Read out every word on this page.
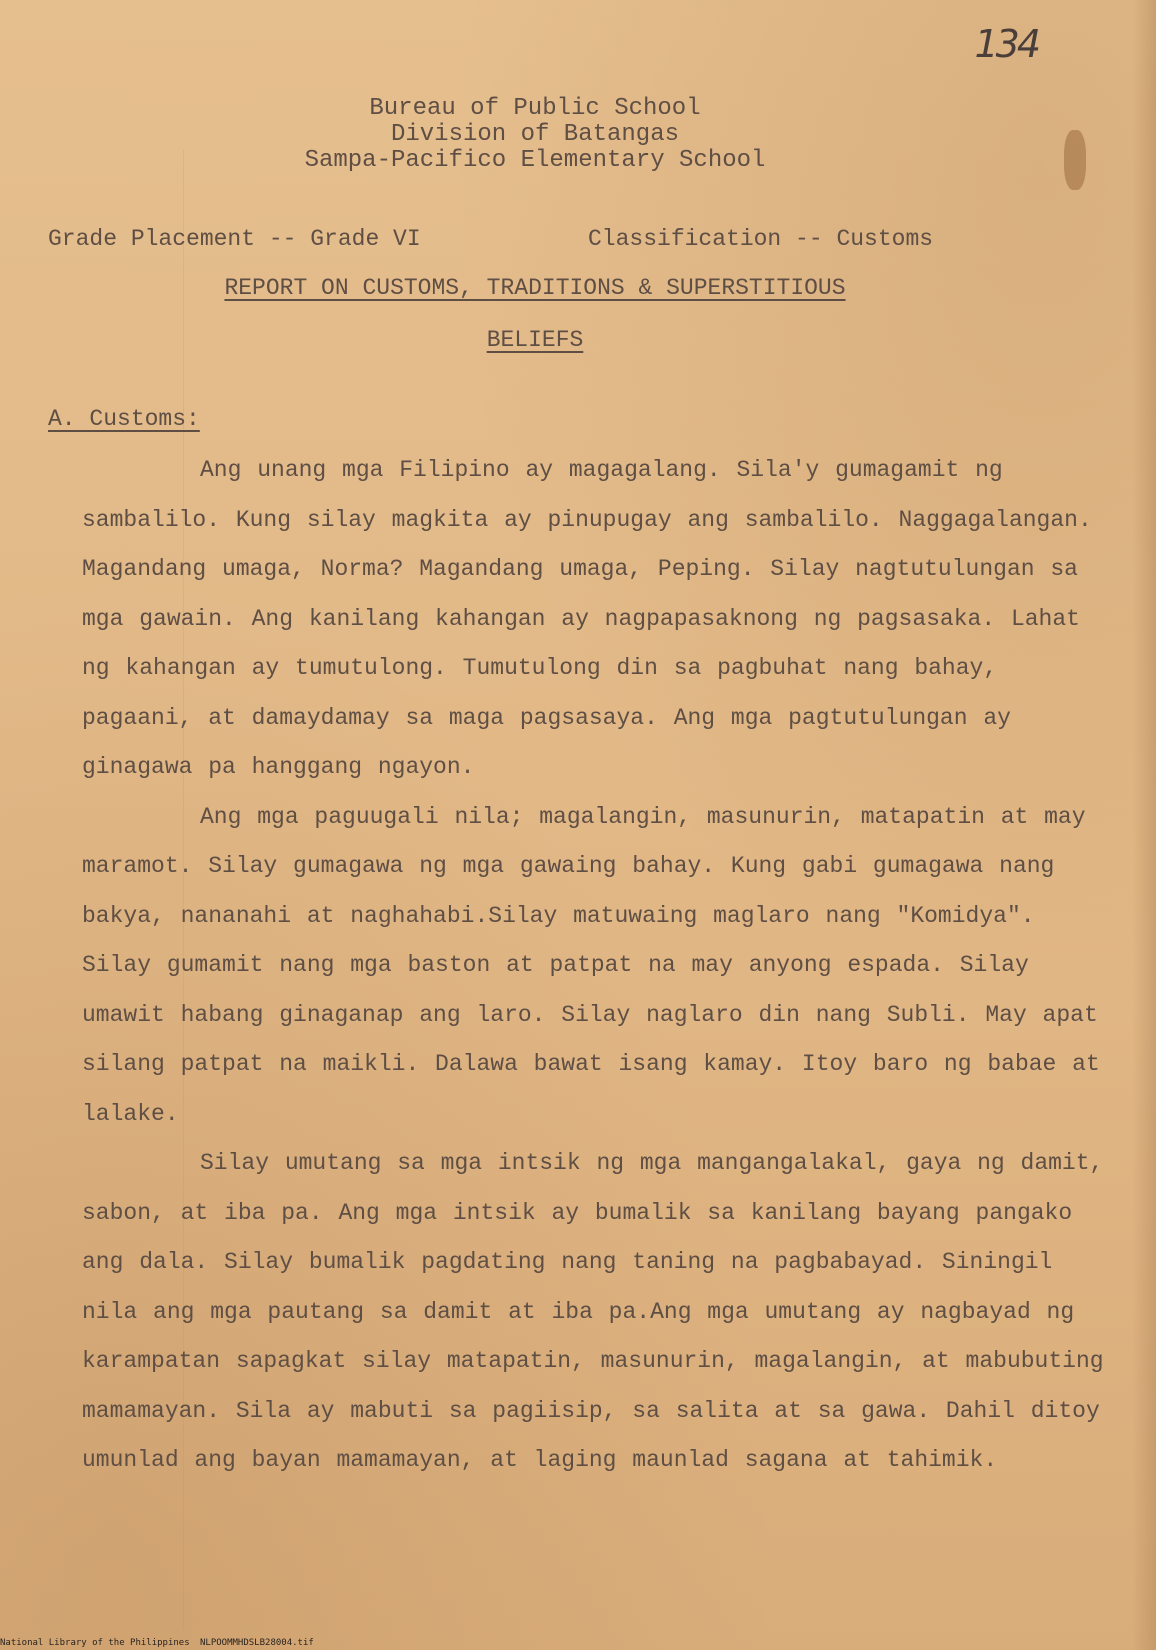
134
Bureau of Public School
Division of Batangas
Sampa-Pacifico Elementary School
Grade Placement -- Grade VI	Classification -- Customs
REPORT ON CUSTOMS, TRADITIONS & SUPERSTITIOUS
BELIEFS
A. Customs:

Ang unang mga Filipino ay magagalang. Sila'y gumagamit ng sambalilo. Kung silay magkita ay pinupugay ang sambalilo. Naggagalangan. Magandang umaga, Norma? Magandang umaga, Peping. Silay nagtutulungan sa mga gawain. Ang kanilang kahangan ay nagpapasaknong ng pagsasaka. Lahat ng kahangan ay tumutulong. Tumutulong din sa pagbuhat nang bahay, pagaani, at damaydamay sa maga pagsasaya. Ang mga pagtutulungan ay ginagawa pa hanggang ngayon.

Ang mga paguugali nila; magalangin, masunurin, matapatin at may maramot. Silay gumagawa ng mga gawaing bahay. Kung gabi gumagawa nang bakya, nananahi at naghahabi.Silay matuwaing maglaro nang "Komidya". Silay gumamit nang mga baston at patpat na may anyong espada. Silay umawit habang ginaganap ang laro. Silay naglaro din nang Subli. May apat silang patpat na maikli. Dalawa bawat isang kamay. Itoy baro ng babae at lalake.

Silay umutang sa mga intsik ng mga mangangalakal, gaya ng damit, sabon, at iba pa. Ang mga intsik ay bumalik sa kanilang bayang pangako ang dala. Silay bumalik pagdating nang taning na pagbabayad. Siningil nila ang mga pautang sa damit at iba pa.Ang mga umutang ay nagbayad ng karampatan sapagkat silay matapatin, masunurin, magalangin, at mabubuting mamamayan. Sila ay mabuti sa pagiisip, sa salita at sa gawa. Dahil ditoy umunlad ang bayan mamamayan, at laging maunlad sagana at tahimik.

National Library of the Philippines NLPOOMMHDSLB28004.tif
